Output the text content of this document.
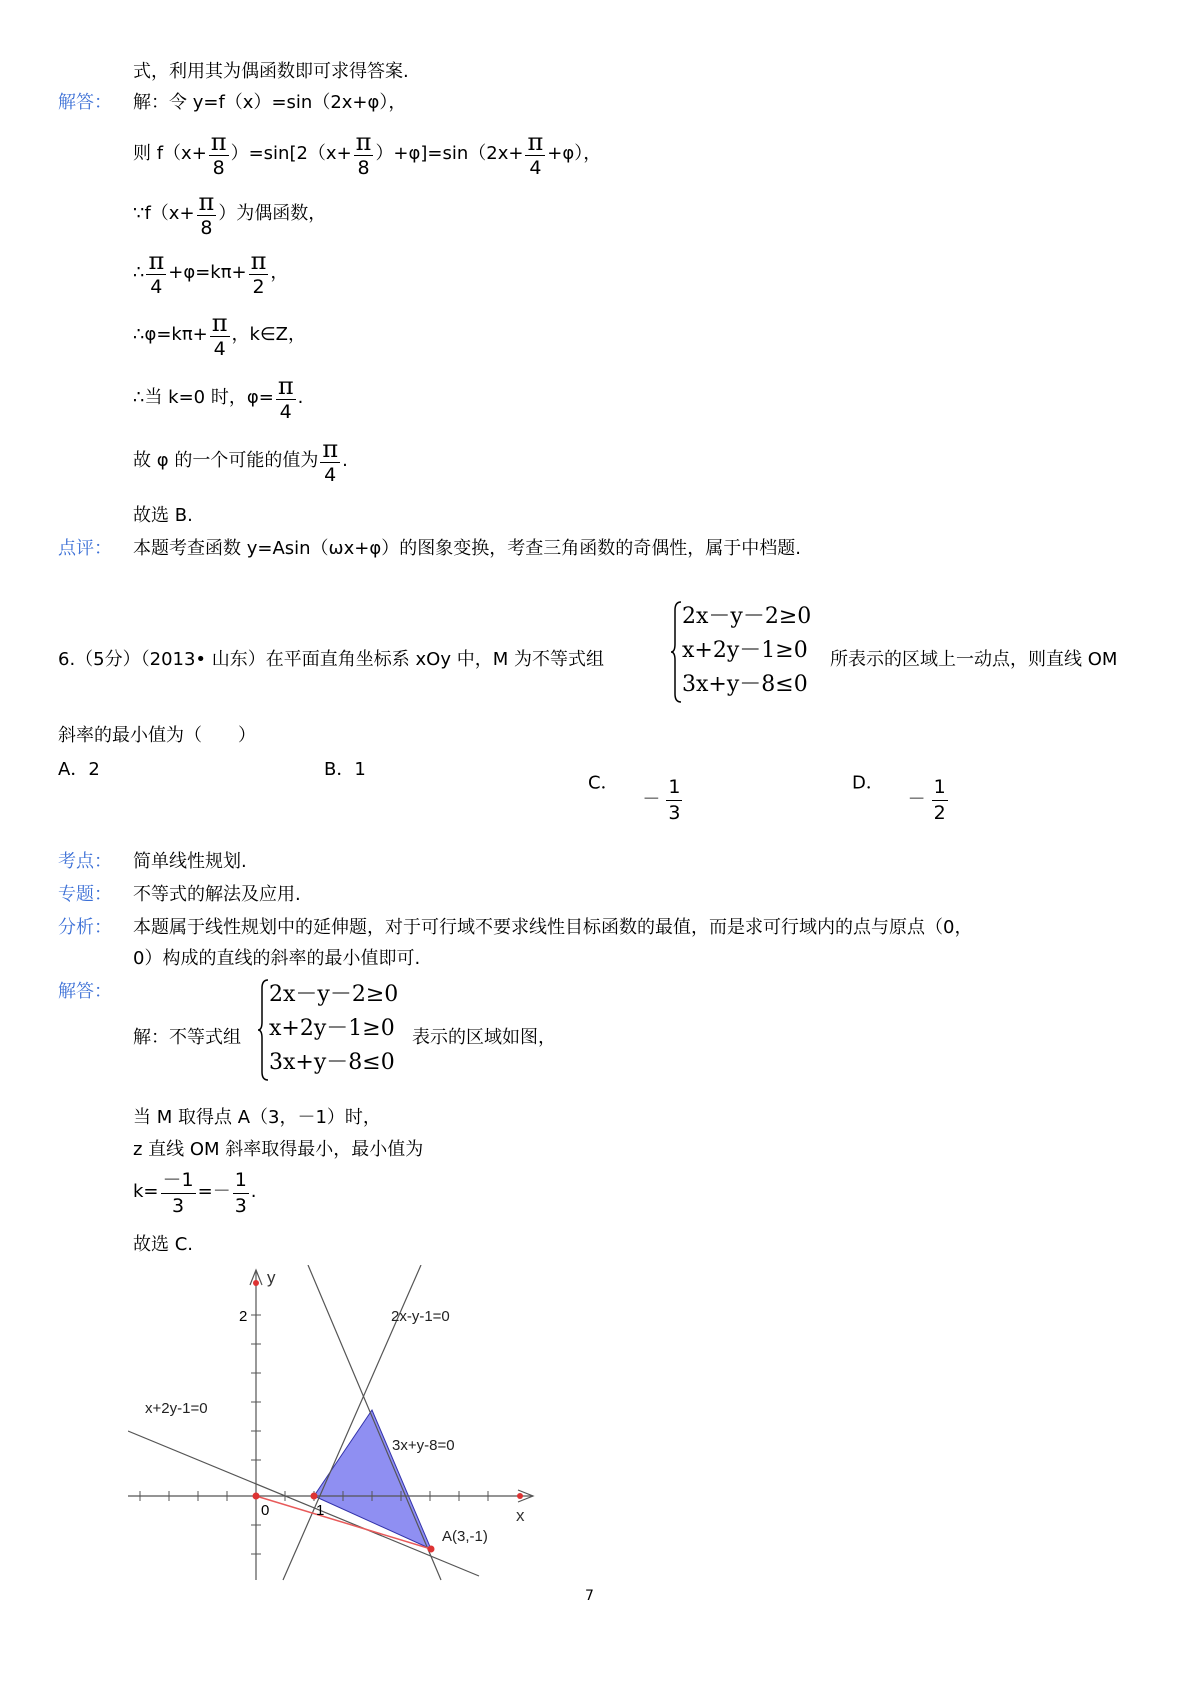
式，利用其为偶函数即可求得答案.
解答： 解：令 y=f（x）=sin（2x+φ），
则 $f(x+ \frac{\pi}{8} )=\sin[2(x+ \frac{\pi}{8} )+\varphi]=\sin(2x+ \frac{\pi}{4} +\varphi)$，
∵f（x+ $\frac{\pi}{8}$ ）为偶函数，
∴ $\frac{\pi}{4} +\varphi=k\pi+ \frac{\pi}{2}$ ，
∴φ=kπ+ $\frac{\pi}{4}$ ，k∈Z，
∴当 k=0 时，$\varphi= \frac{\pi}{4}$ .
故 φ 的一个可能的值为 $\frac{\pi}{4}$ .
故选 B.
点评： 本题考查函数 y=Asin（ωx+φ）的图象变换，考查三角函数的奇偶性，属于中档题.
6.（5分）（2013• 山东）在平面直角坐标系 xOy 中，M 为不等式组
2x－y－2≥0
x+2y－1≥0
3x+y－8≤0
所表示的区域上一动点，则直线 OM
斜率的最小值为（　　）
A．2	B．1
C． － $\frac{1}{3}$	D． － $\frac{1}{2}$
考点： 简单线性规划.
专题： 不等式的解法及应用.
分析： 本题属于线性规划中的延伸题，对于可行域不要求线性目标函数的最值，而是求可行域内的点与原点（0，
0）构成的直线的斜率的最小值即可.
解答：
解：不等式组
2x－y－2≥0
x+2y－1≥0
3x+y－8≤0
表示的区域如图，
当 M 取得点 A（3，－1）时，
z 直线 OM 斜率取得最小，最小值为
$k= \frac{-1}{3} =- \frac{1}{3}$ .
故选 C.
2
0	1
y
x
2x-y-1=0
x+2y-1=0
3x+y-8=0
A(3,-1)
7
